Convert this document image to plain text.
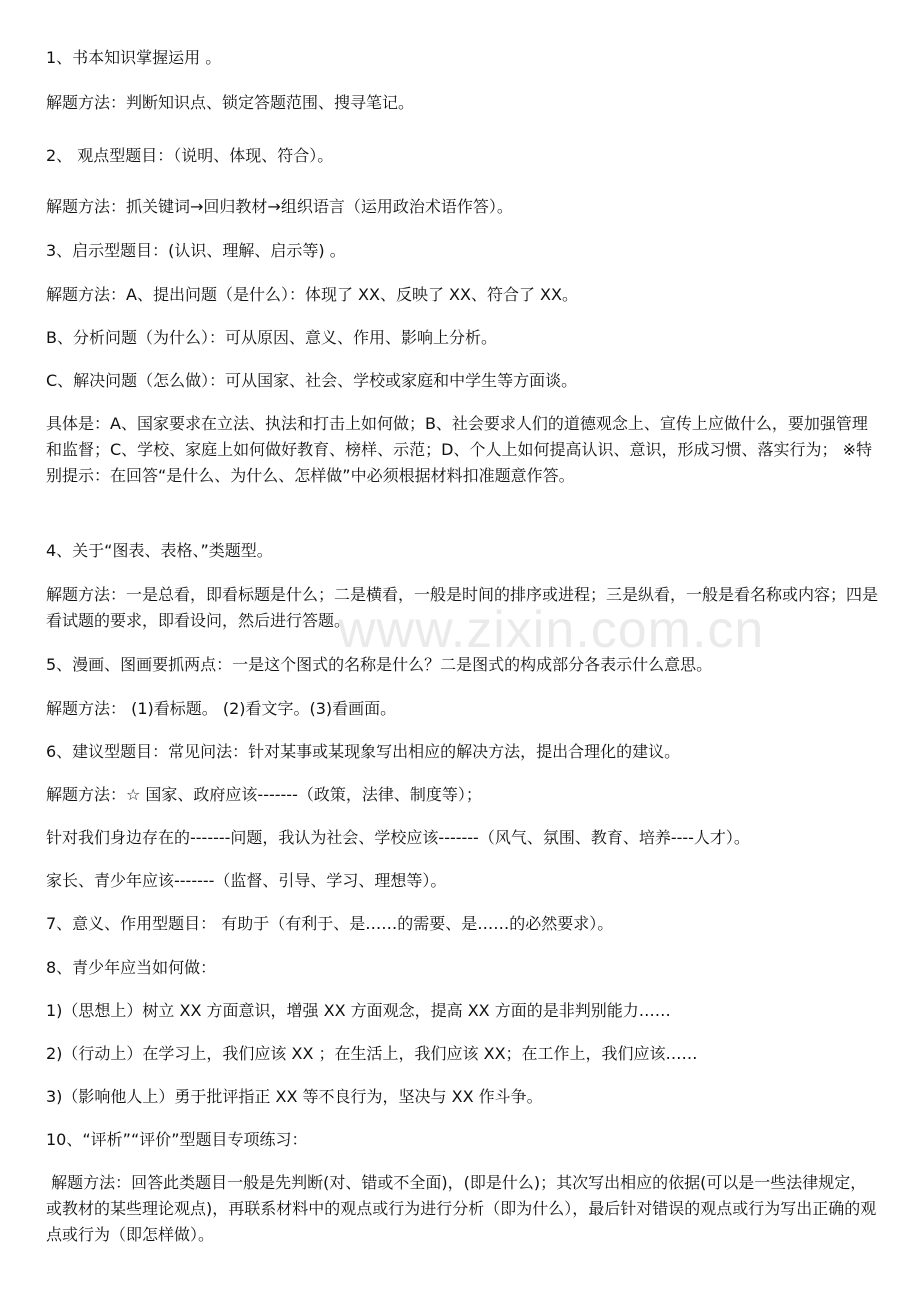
1、书本知识掌握运用 。

解题方法：判断知识点、锁定答题范围、搜寻笔记。

2、 观点型题目：（说明、体现、符合）。

解题方法：抓关键词→回归教材→组织语言（运用政治术语作答）。

3、启示型题目：(认识、理解、启示等) 。

解题方法：A、提出问题（是什么）：体现了 XX、反映了 XX、符合了 XX。

B、分析问题（为什么）：可从原因、意义、作用、影响上分析。

C、解决问题（怎么做）：可从国家、社会、学校或家庭和中学生等方面谈。

具体是：A、国家要求在立法、执法和打击上如何做；B、社会要求人们的道德观念上、宣传上应做什么，要加强管理和监督；C、学校、家庭上如何做好教育、榜样、示范；D、个人上如何提高认识、意识，形成习惯、落实行为； ※特别提示：在回答“是什么、为什么、怎样做”中必须根据材料扣准题意作答。

4、关于“图表、表格、”类题型。

解题方法：一是总看，即看标题是什么；二是横看，一般是时间的排序或进程；三是纵看，一般是看名称或内容；四是看试题的要求，即看设问，然后进行答题。

5、漫画、图画要抓两点：一是这个图式的名称是什么？二是图式的构成部分各表示什么意思。

解题方法： (1)看标题。 (2)看文字。(3)看画面。

6、建议型题目：常见问法：针对某事或某现象写出相应的解决方法，提出合理化的建议。

解题方法：☆ 国家、政府应该-------（政策，法律、制度等）；

针对我们身边存在的-------问题，我认为社会、学校应该-------（风气、氛围、教育、培养----人才）。

家长、青少年应该-------（监督、引导、学习、理想等）。

7、意义、作用型题目： 有助于（有利于、是……的需要、是……的必然要求）。

8、青少年应当如何做：

1)（思想上）树立 XX 方面意识，增强 XX 方面观念，提高 XX 方面的是非判别能力……

2)（行动上）在学习上，我们应该 XX ；在生活上，我们应该 XX；在工作上，我们应该……

3)（影响他人上）勇于批评指正 XX 等不良行为，坚决与 XX 作斗争。

10、“评析”“评价”型题目专项练习：

解题方法：回答此类题目一般是先判断(对、错或不全面)，(即是什么)；其次写出相应的依据(可以是一些法律规定，或教材的某些理论观点)，再联系材料中的观点或行为进行分析（即为什么），最后针对错误的观点或行为写出正确的观点或行为（即怎样做）。

www.zixin.com.cn
